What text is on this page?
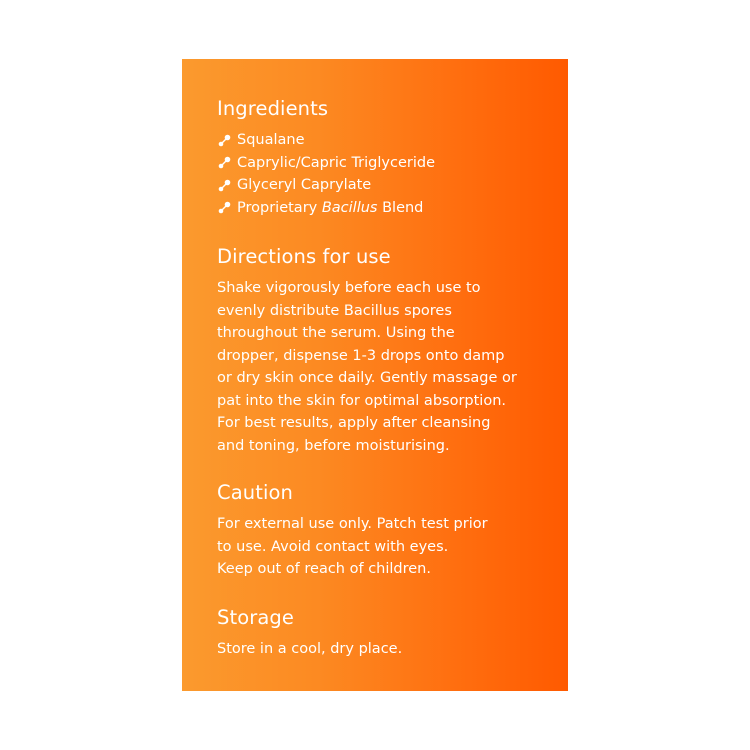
Ingredients
Squalane
Caprylic/Capric Triglyceride
Glyceryl Caprylate
Proprietary Bacillus Blend
Directions for use

Shake vigorously before each use to
evenly distribute Bacillus spores
throughout the serum. Using the
dropper, dispense 1-3 drops onto damp
or dry skin once daily. Gently massage or
pat into the skin for optimal absorption.
For best results, apply after cleansing
and toning, before moisturising.

Caution

For external use only. Patch test prior
to use. Avoid contact with eyes.
Keep out of reach of children.

Storage

Store in a cool, dry place.
